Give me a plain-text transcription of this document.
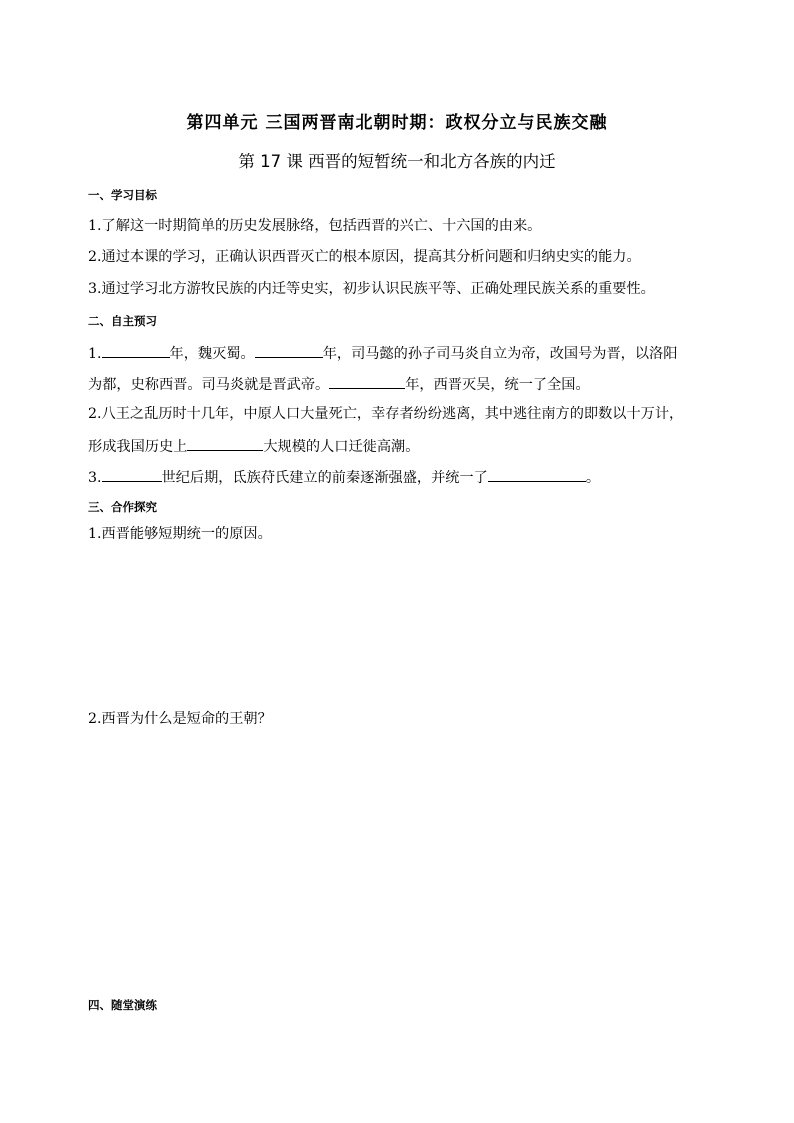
第四单元 三国两晋南北朝时期：政权分立与民族交融
第 17 课 西晋的短暂统一和北方各族的内迁
一、学习目标
1.了解这一时期简单的历史发展脉络，包括西晋的兴亡、十六国的由来。
2.通过本课的学习，正确认识西晋灭亡的根本原因，提高其分析问题和归纳史实的能力。
3.通过学习北方游牧民族的内迁等史实，初步认识民族平等、正确处理民族关系的重要性。
二、自主预习
1.	年，魏灭蜀。	年，司马懿的孙子司马炎自立为帝，改国号为晋，以洛阳
为都，史称西晋。司马炎就是晋武帝。	年，西晋灭吴，统一了全国。
2.八王之乱历时十几年，中原人口大量死亡，幸存者纷纷逃离，其中逃往南方的即数以十万计，
形成我国历史上	大规模的人口迁徙高潮。
3.	世纪后期，氐族苻氏建立的前秦逐渐强盛，并统一了	。
三、合作探究
1.西晋能够短期统一的原因。
2.西晋为什么是短命的王朝？
四、随堂演练
